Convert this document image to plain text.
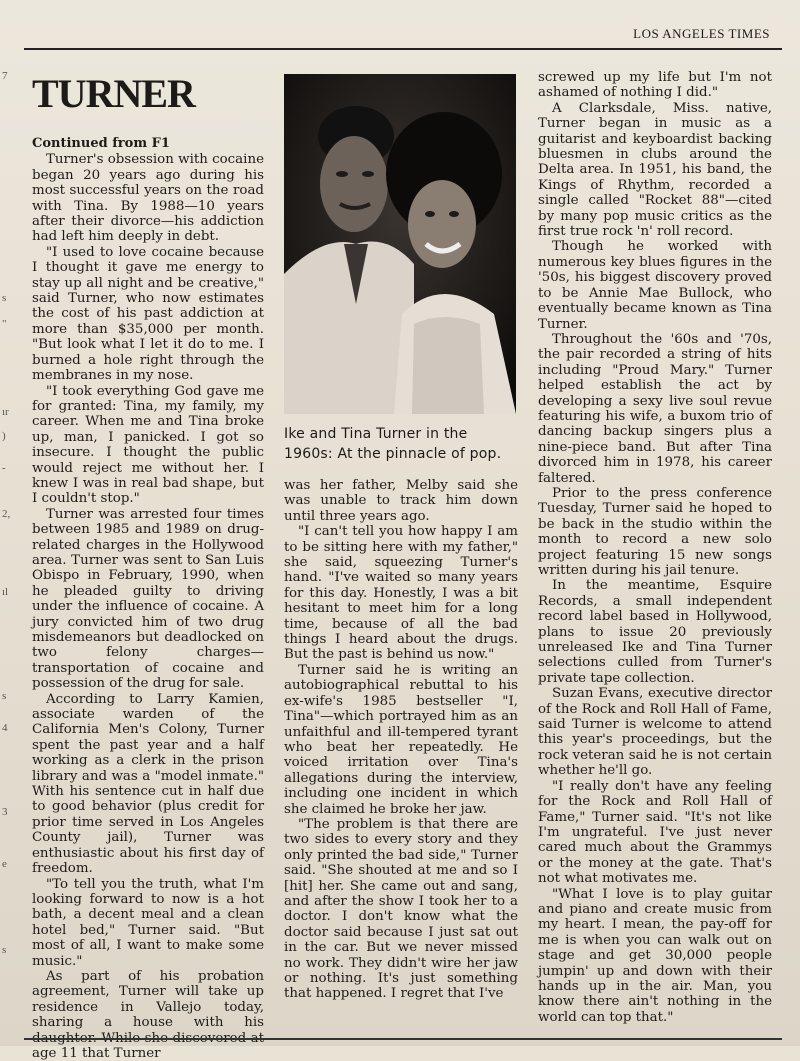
LOS ANGELES TIMES
7
s
"
ır
)
-
2,
ıl
s
4
3
e
s
TURNER
Continued from F1

Turner's obsession with cocaine began 20 years ago during his most successful years on the road with Tina. By 1988—10 years after their divorce—his addiction had left him deeply in debt.

"I used to love cocaine because I thought it gave me energy to stay up all night and be creative," said Turner, who now estimates the cost of his past addiction at more than $35,000 per month. "But look what I let it do to me. I burned a hole right through the membranes in my nose.

"I took everything God gave me for granted: Tina, my family, my career. When me and Tina broke up, man, I panicked. I got so insecure. I thought the public would reject me without her. I knew I was in real bad shape, but I couldn't stop."

Turner was arrested four times between 1985 and 1989 on drug-related charges in the Hollywood area. Turner was sent to San Luis Obispo in February, 1990, when he pleaded guilty to driving under the influence of cocaine. A jury convicted him of two drug misdemeanors but deadlocked on two felony charges—transportation of cocaine and possession of the drug for sale.

According to Larry Kamien, associate warden of the California Men's Colony, Turner spent the past year and a half working as a clerk in the prison library and was a "model inmate." With his sentence cut in half due to good behavior (plus credit for prior time served in Los Angeles County jail), Turner was enthusiastic about his first day of freedom.

"To tell you the truth, what I'm looking forward to now is a hot bath, a decent meal and a clean hotel bed," Turner said. "But most of all, I want to make some music."

As part of his probation agreement, Turner will take up residence in Vallejo today, sharing a house with his age 11 that Turner

Ike and Tina Turner in the 1960s: At the pinnacle of pop.

was her father, Melby said she was unable to track him down until three years ago.

"I can't tell you how happy I am to be sitting here with my father," she said, squeezing Turner's hand. "I've waited so many years for this day. Honestly, I was a bit hesitant to meet him for a long time, because of all the bad things I heard about the drugs. But the past is behind us now."

Turner said he is writing an autobiographical rebuttal to his ex-wife's 1985 bestseller "I, Tina"—which portrayed him as an unfaithful and ill-tempered tyrant who beat her repeatedly. He voiced irritation over Tina's allegations during the interview, including one incident in which she claimed he broke her jaw.

"The problem is that there are two sides to every story and they only printed the bad side," Turner said. "She shouted at me and so I [hit] her. She came out and sang, and after the show I took her to a doctor. I don't know what the doctor said because I just sat out in the car. But we never missed no work. They didn't wire her jaw or nothing. It's just something that happened. I regret that I've

screwed up my life but I'm not ashamed of nothing I did."

A Clarksdale, Miss. native, Turner began in music as a guitarist and keyboardist backing bluesmen in clubs around the Delta area. In 1951, his band, the Kings of Rhythm, recorded a single called "Rocket 88"—cited by many pop music critics as the first true rock 'n' roll record.

Though he worked with numerous key blues figures in the '50s, his biggest discovery proved to be Annie Mae Bullock, who eventually became known as Tina Turner.

Throughout the '60s and '70s, the pair recorded a string of hits including "Proud Mary." Turner helped establish the act by developing a sexy live soul revue featuring his wife, a buxom trio of dancing backup singers plus a nine-piece band. But after Tina divorced him in 1978, his career faltered.

Prior to the press conference Tuesday, Turner said he hoped to be back in the studio within the month to record a new solo project featuring 15 new songs written during his jail tenure.

In the meantime, Esquire Records, a small independent record label based in Hollywood, plans to issue 20 previously unreleased Ike and Tina Turner selections culled from Turner's private tape collection.

Suzan Evans, executive director of the Rock and Roll Hall of Fame, said Turner is welcome to attend this year's proceedings, but the rock veteran said he is not certain whether he'll go.

"I really don't have any feeling for the Rock and Roll Hall of Fame," Turner said. "It's not like I'm ungrateful. I've just never cared much about the Grammys or the money at the gate. That's not what motivates me.

"What I love is to play guitar and piano and create music from my heart. I mean, the pay-off for me is when you can walk out on stage and get 30,000 people jumpin' up and down with their hands up in the air. Man, you know there ain't nothing in the world can top that."
